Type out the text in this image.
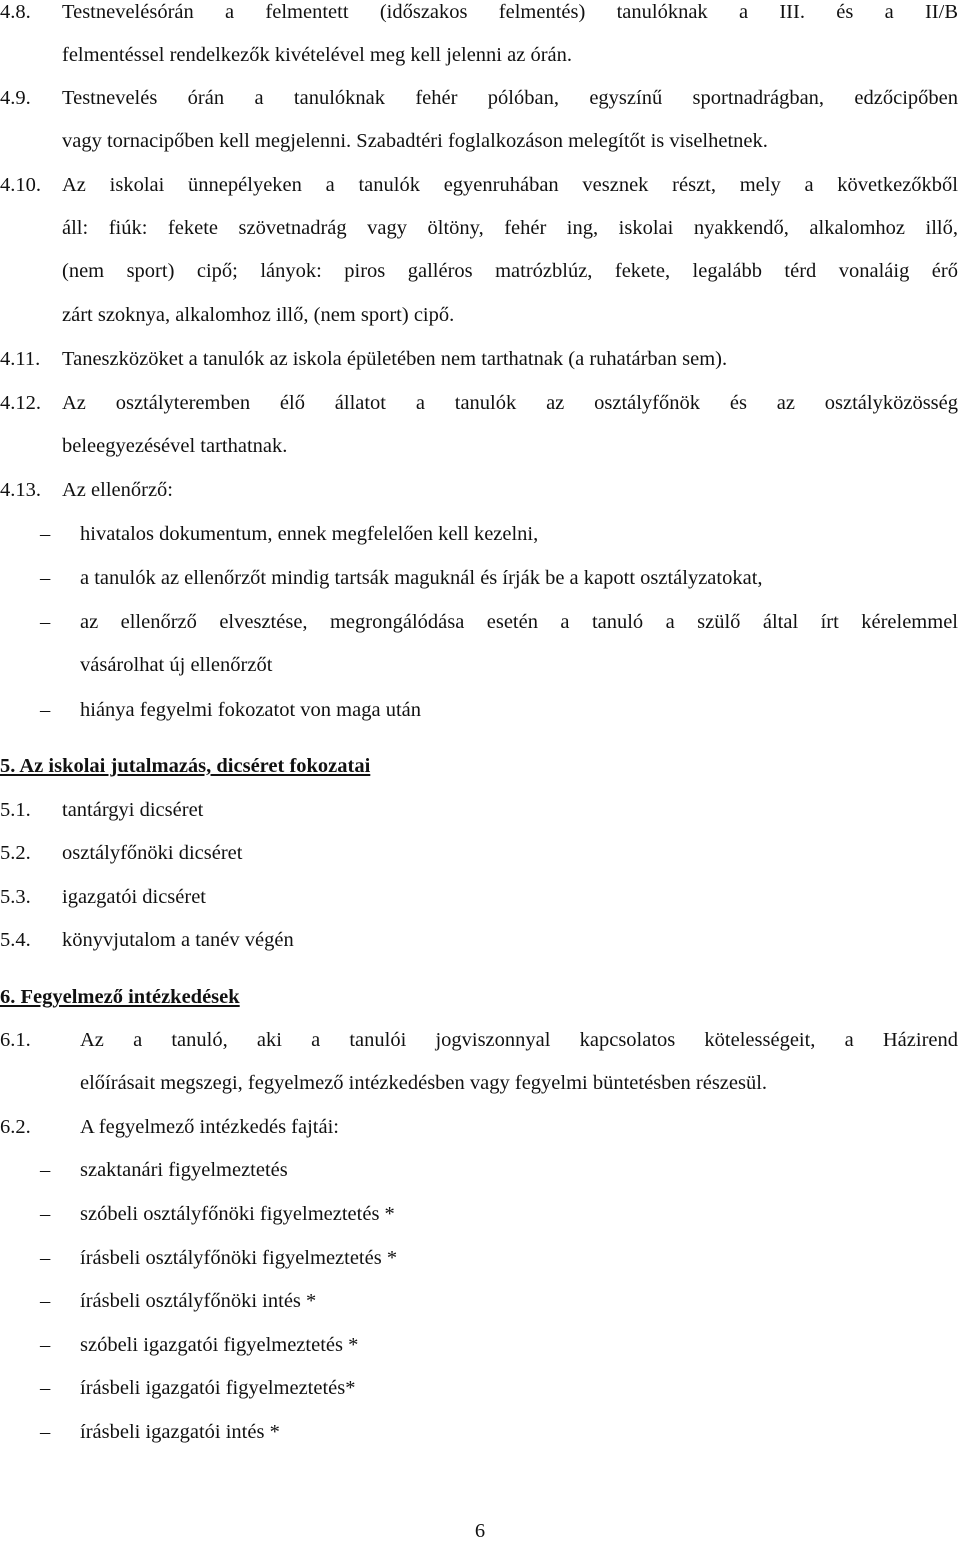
4.8. Testnevelésórán a felmentett (időszakos felmentés) tanulóknak a III. és a II/B
felmentéssel rendelkezők kivételével meg kell jelenni az órán.
4.9. Testnevelés órán a tanulóknak fehér pólóban, egyszínű sportnadrágban, edzőcipőben
vagy tornacipőben kell megjelenni. Szabadtéri foglalkozáson melegítőt is viselhetnek.
4.10. Az iskolai ünnepélyeken a tanulók egyenruhában vesznek részt, mely a következőkből
áll: fiúk: fekete szövetnadrág vagy öltöny, fehér ing, iskolai nyakkendő, alkalomhoz illő,
(nem sport) cipő; lányok: piros galléros matrózblúz, fekete, legalább térd vonaláig érő
zárt szoknya, alkalomhoz illő, (nem sport) cipő.
4.11. Taneszközöket a tanulók az iskola épületében nem tarthatnak (a ruhatárban sem).
4.12. Az osztályteremben élő állatot a tanulók az osztályfőnök és az osztályközösség
beleegyezésével tarthatnak.
4.13. Az ellenőrző:
– hivatalos dokumentum, ennek megfelelően kell kezelni,
– a tanulók az ellenőrzőt mindig tartsák maguknál és írják be a kapott osztályzatokat,
– az ellenőrző elvesztése, megrongálódása esetén a tanuló a szülő által írt kérelemmel
vásárolhat új ellenőrzőt
– hiánya fegyelmi fokozatot von maga után
5. Az iskolai jutalmazás, dicséret fokozatai
5.1. tantárgyi dicséret
5.2. osztályfőnöki dicséret
5.3. igazgatói dicséret
5.4. könyvjutalom a tanév végén
6. Fegyelmező intézkedések
6.1. Az a tanuló, aki a tanulói jogviszonnyal kapcsolatos kötelességeit, a Házirend
előírásait megszegi, fegyelmező intézkedésben vagy fegyelmi büntetésben részesül.
6.2. A fegyelmező intézkedés fajtái:
– szaktanári figyelmeztetés
– szóbeli osztályfőnöki figyelmeztetés *
– írásbeli osztályfőnöki figyelmeztetés *
– írásbeli osztályfőnöki intés *
– szóbeli igazgatói figyelmeztetés *
– írásbeli igazgatói figyelmeztetés*
– írásbeli igazgatói intés *
6
